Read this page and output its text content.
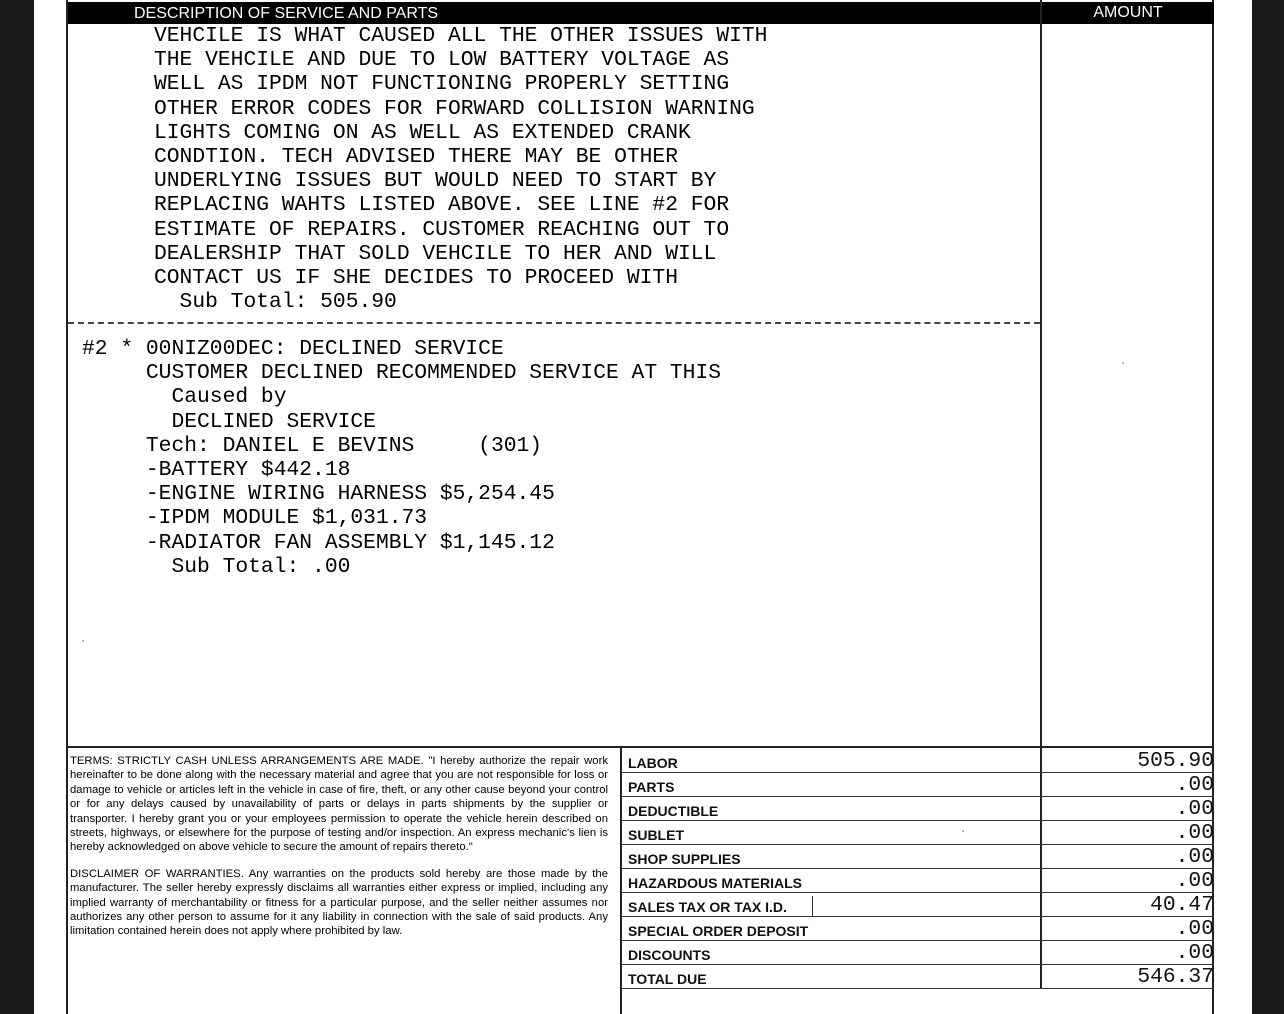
DESCRIPTION OF SERVICE AND PARTS	AMOUNT
VEHCILE IS WHAT CAUSED ALL THE OTHER ISSUES WITH
THE VEHCILE AND DUE TO LOW BATTERY VOLTAGE AS
WELL AS IPDM NOT FUNCTIONING PROPERLY SETTING
OTHER ERROR CODES FOR FORWARD COLLISION WARNING
LIGHTS COMING ON AS WELL AS EXTENDED CRANK
CONDTION. TECH ADVISED THERE MAY BE OTHER
UNDERLYING ISSUES BUT WOULD NEED TO START BY
REPLACING WAHTS LISTED ABOVE. SEE LINE #2 FOR
ESTIMATE OF REPAIRS. CUSTOMER REACHING OUT TO
DEALERSHIP THAT SOLD VEHCILE TO HER AND WILL
CONTACT US IF SHE DECIDES TO PROCEED WITH
Sub Total: 505.90
#2 * 00NIZ00DEC: DECLINED SERVICE
CUSTOMER DECLINED RECOMMENDED SERVICE AT THIS
Caused by
DECLINED SERVICE
Tech: DANIEL E BEVINS     (301)
-BATTERY $442.18
-ENGINE WIRING HARNESS $5,254.45
-IPDM MODULE $1,031.73
-RADIATOR FAN ASSEMBLY $1,145.12
Sub Total: .00

TERMS: STRICTLY CASH UNLESS ARRANGEMENTS ARE MADE. "I hereby authorize the repair work hereinafter to be done along with the necessary material and agree that you are not responsible for loss or damage to vehicle or articles left in the vehicle in case of fire, theft, or any other cause beyond your control or for any delays caused by unavailability of parts or delays in parts shipments by the supplier or transporter. I hereby grant you or your employees permission to operate the vehicle herein described on streets, highways, or elsewhere for the purpose of testing and/or inspection. An express mechanic's lien is hereby acknowledged on above vehicle to secure the amount of repairs thereto."

DISCLAIMER OF WARRANTIES. Any warranties on the products sold hereby are those made by the manufacturer. The seller hereby expressly disclaims all warranties either express or implied, including any implied warranty of merchantability or fitness for a particular purpose, and the seller neither assumes nor authorizes any other person to assume for it any liability in connection with the sale of said products. Any limitation contained herein does not apply where prohibited by law.

LABOR	505.90
PARTS	.00
DEDUCTIBLE	.00
SUBLET	.00
SHOP SUPPLIES	.00
HAZARDOUS MATERIALS	.00
SALES TAX OR TAX I.D.	40.47
SPECIAL ORDER DEPOSIT	.00
DISCOUNTS	.00
TOTAL DUE	546.37
